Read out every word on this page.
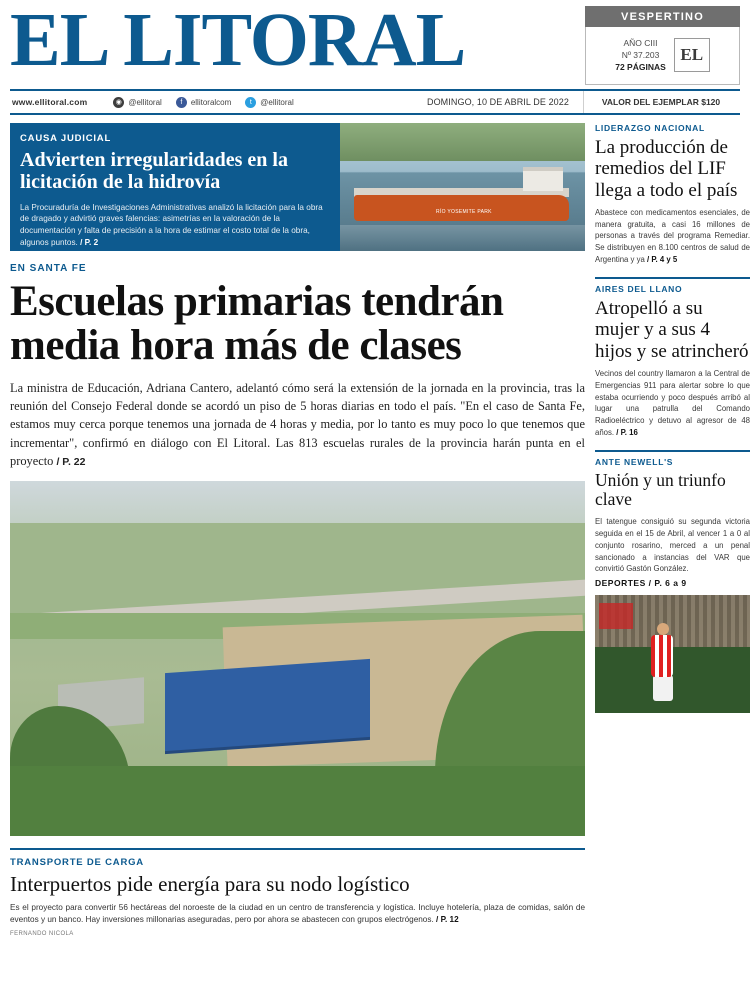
EL LITORAL	VESPERTINO
AÑO CIII
Nº 37.203
72 PÁGINAS
EL
www.ellitoral.com	◉ @ellitoral	f	ellitoralcom	t	@ellitoral	DOMINGO, 10 DE ABRIL DE 2022	VALOR DEL EJEMPLAR $120
CAUSA JUDICIAL
Advierten irregularidades en la licitación de la hidrovía
La Procuraduría de Investigaciones Administrativas analizó la licitación para la obra de dragado y advirtió graves falencias: asimetrías en la valoración de la documentación y falta de precisión a la hora de estimar el costo total de la obra, algunos puntos. / P. 2
RÍO YOSEMITE PARK
EN SANTA FE
Escuelas primarias tendrán media hora más de clases
La ministra de Educación, Adriana Cantero, adelantó cómo será la extensión de la jornada en la provincia, tras la reunión del Consejo Federal donde se acordó un piso de 5 horas diarias en todo el país. "En el caso de Santa Fe, estamos muy cerca porque tenemos una jornada de 4 horas y media, por lo tanto es muy poco lo que tenemos que incrementar", confirmó en diálogo con El Litoral. Las 813 escuelas rurales de la provincia harán punta en el proyecto / P. 22
TRANSPORTE DE CARGA
Interpuertos pide energía para su nodo logístico
Es el proyecto para convertir 56 hectáreas del noroeste de la ciudad en un centro de transferencia y logística. Incluye hotelería, plaza de comidas, salón de eventos y un banco. Hay inversiones millonarias aseguradas, pero por ahora se abastecen con grupos electrógenos. / P. 12
FERNANDO NICOLA
LIDERAZGO NACIONAL
La producción de remedios del LIF llega a todo el país
Abastece con medicamentos esenciales, de manera gratuita, a casi 16 millones de personas a través del programa Remediar. Se distribuyen en 8.100 centros de salud de Argentina y ya / P. 4 y 5
AIRES DEL LLANO
Atropelló a su mujer y a sus 4 hijos y se atrincheró
Vecinos del country llamaron a la Central de Emergencias 911 para alertar sobre lo que estaba ocurriendo y poco después arribó al lugar una patrulla del Comando Radioeléctrico y detuvo al agresor de 48 años. / P. 16
ANTE NEWELL'S
Unión y un triunfo clave
El tatengue consiguió su segunda victoria seguida en el 15 de Abril, al vencer 1 a 0 al conjunto rosarino, merced a un penal sancionado a instancias del VAR que convirtió Gastón González.
DEPORTES / P. 6 a 9
